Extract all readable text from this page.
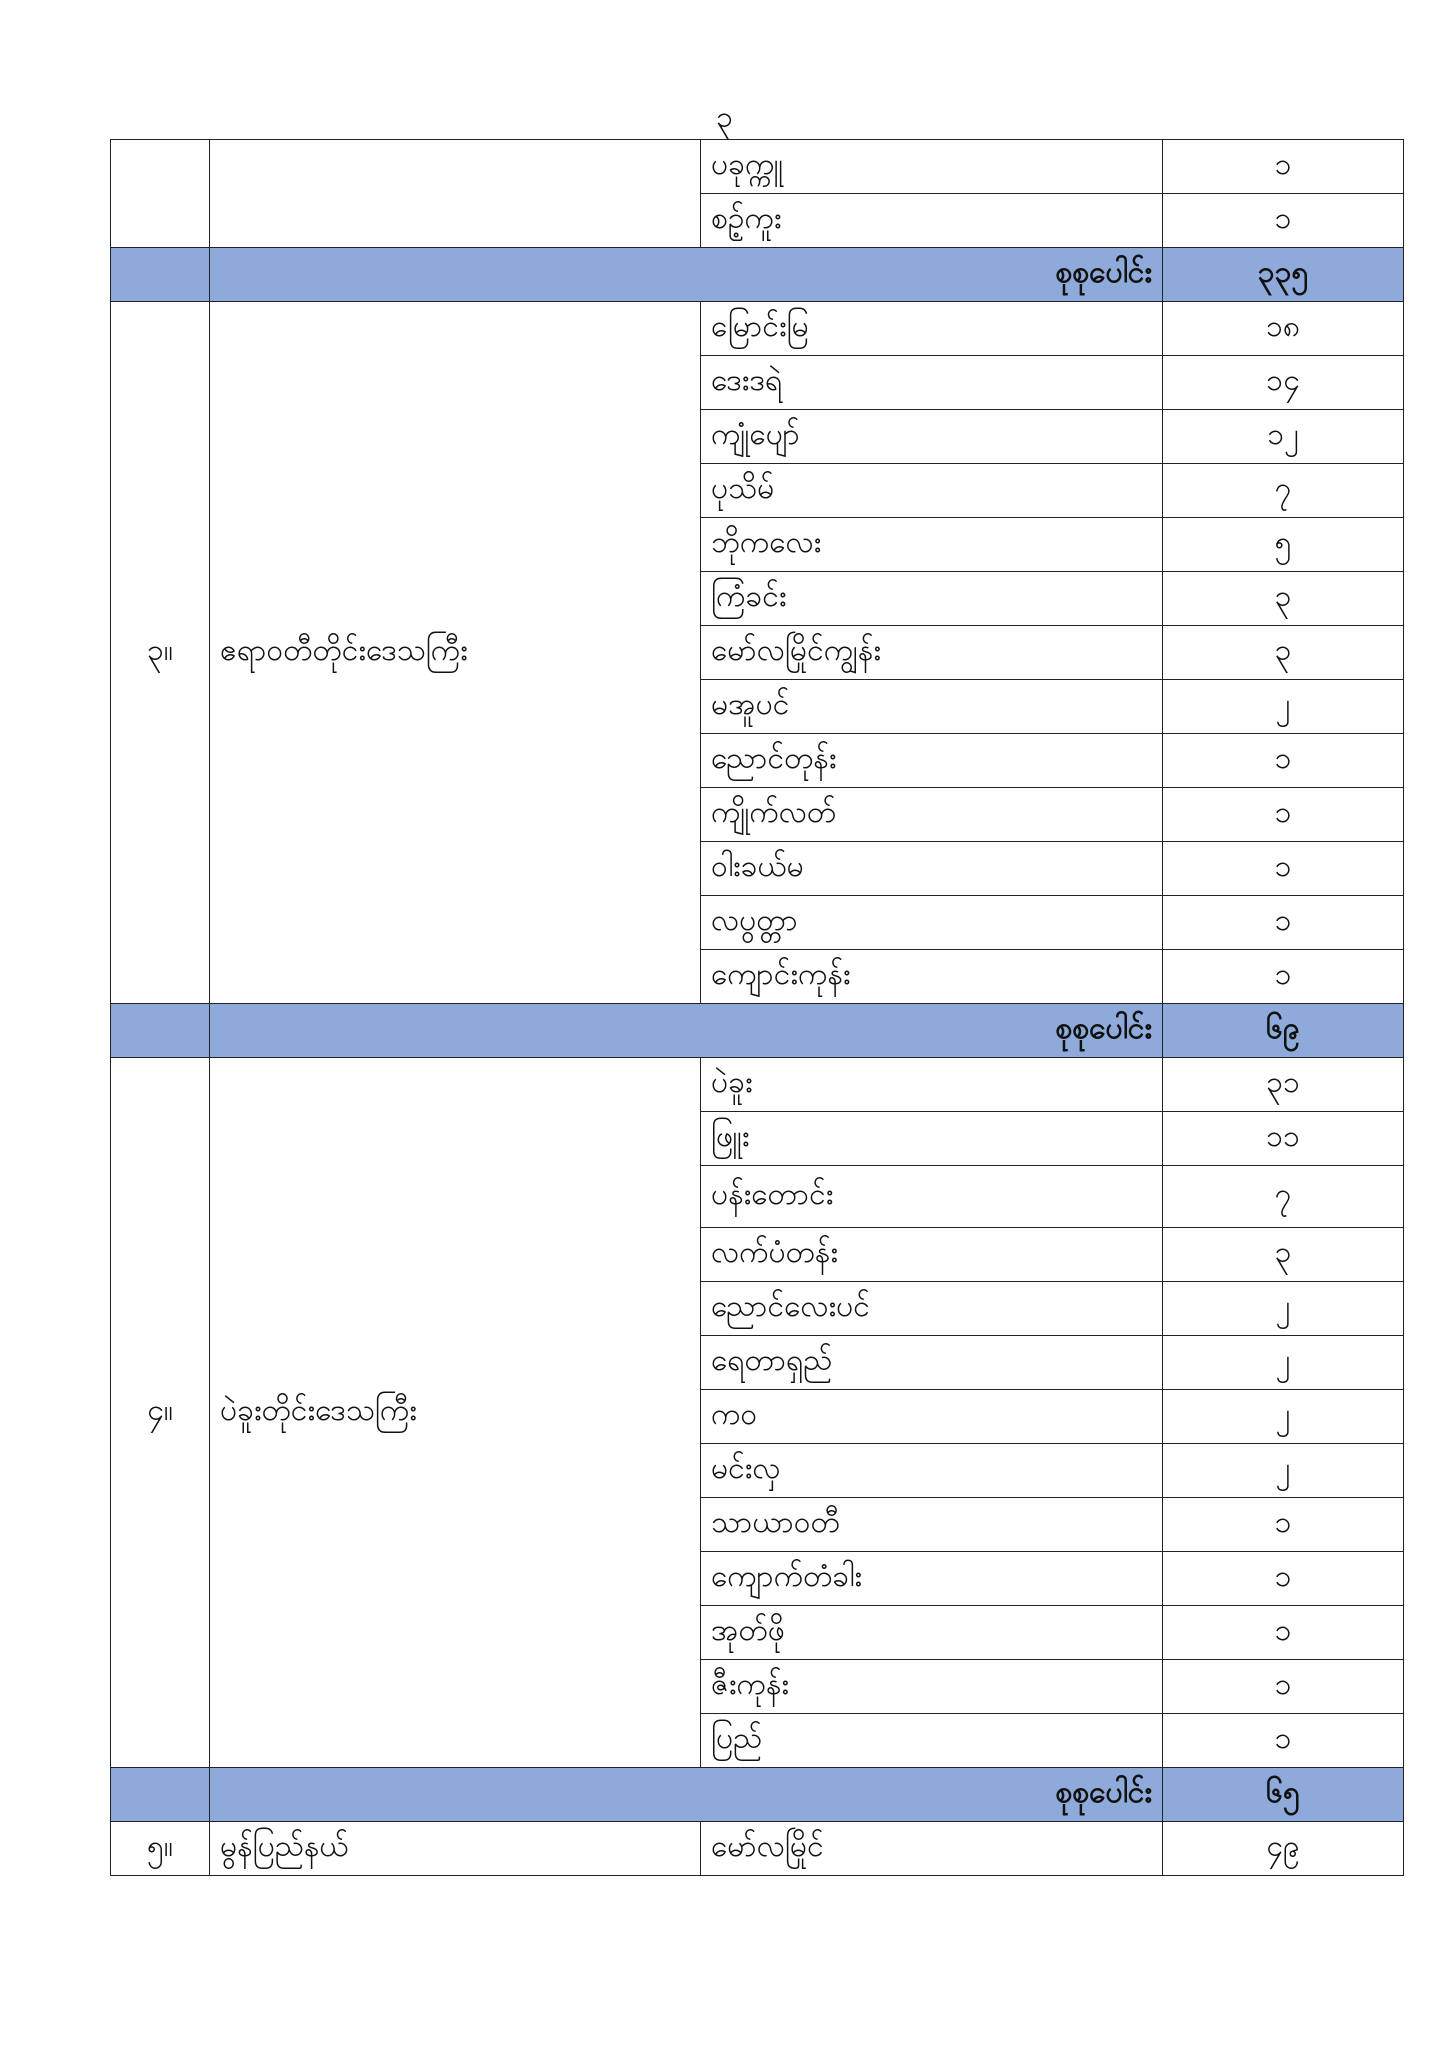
၃
		ပခုက္ကူ	၁
		စဉ့်ကူး	၁
	စုစုပေါင်း		၃၃၅
၃။	ဧရာဝတီတိုင်းဒေသကြီး	မြောင်းမြ	၁၈
		ဒေးဒရဲ	၁၄
		ကျုံပျော်	၁၂
		ပုသိမ်	၇
		ဘိုကလေး	၅
		ကြံခင်း	၃
		မော်လမြိုင်ကျွန်း	၃
		မအူပင်	၂
		ညောင်တုန်း	၁
		ကျိုက်လတ်	၁
		ဝါးခယ်မ	၁
		လပွတ္တာ	၁
		ကျောင်းကုန်း	၁
	စုစုပေါင်း		၆၉
၄။	ပဲခူးတိုင်းဒေသကြီး	ပဲခူး	၃၁
		ဖြူး	၁၁
		ပန်းတောင်း	၇
		လက်ပံတန်း	၃
		ညောင်လေးပင်	၂
		ရေတာရှည်	၂
		ကဝ	၂
		မင်းလှ	၂
		သာယာဝတီ	၁
		ကျောက်တံခါး	၁
		အုတ်ဖို	၁
		ဇီးကုန်း	၁
		ပြည်	၁
	စုစုပေါင်း		၆၅
၅။	မွန်ပြည်နယ်	မော်လမြိုင်	၄၉
